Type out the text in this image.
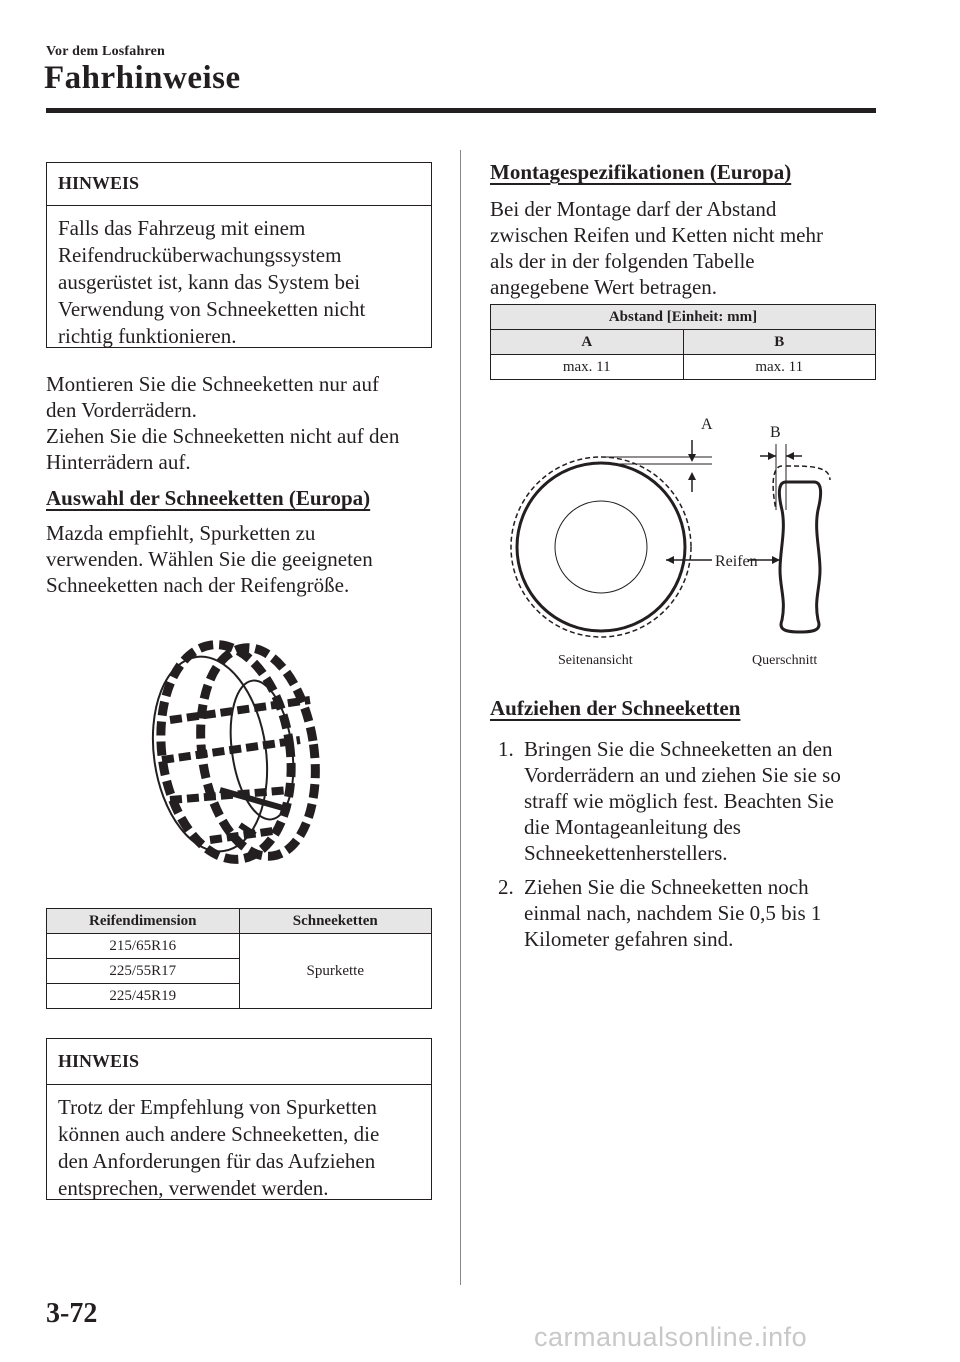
Vor dem Losfahren
Fahrhinweise
HINWEIS
Falls das Fahrzeug mit einem
Reifendrucküberwachungssystem
ausgerüstet ist, kann das System bei
Verwendung von Schneeketten nicht
richtig funktionieren.
Montieren Sie die Schneeketten nur auf
den Vorderrädern.
Ziehen Sie die Schneeketten nicht auf den
Hinterrädern auf.
Auswahl der Schneeketten (Europa)
Mazda empfiehlt, Spurketten zu
verwenden. Wählen Sie die geeigneten
Schneeketten nach der Reifengröße.
Reifendimension	Schneeketten
215/65R16	Spurkette
225/55R17	
225/45R19	
HINWEIS
Trotz der Empfehlung von Spurketten
können auch andere Schneeketten, die
den Anforderungen für das Aufziehen
entsprechen, verwendet werden.
Montagespezifikationen (Europa)
Bei der Montage darf der Abstand
zwischen Reifen und Ketten nicht mehr
als der in der folgenden Tabelle
angegebene Wert betragen.
Abstand [Einheit: mm]	
A	B
max. 11	max. 11
A	B
Reifen
Seitenansicht	Querschnitt
Aufziehen der Schneeketten
1. Bringen Sie die Schneeketten an den
Vorderrädern an und ziehen Sie sie so
straff wie möglich fest. Beachten Sie
die Montageanleitung des
Schneekettenherstellers.
2. Ziehen Sie die Schneeketten noch
einmal nach, nachdem Sie 0,5 bis 1
Kilometer gefahren sind.
3-72
carmanualsonline.info
